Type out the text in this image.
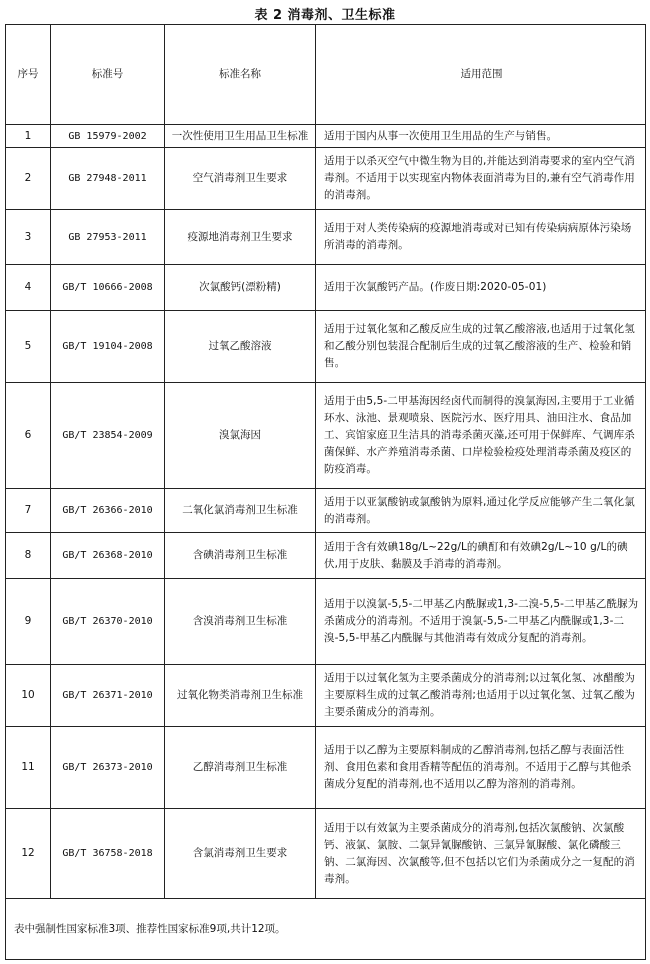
表 2 消毒剂、卫生标准
序号	标准号	标准名称	适用范围
1	GB 15979-2002	一次性使用卫生用品卫生标准	适用于国内从事一次使用卫生用品的生产与销售。
2	GB 27948-2011	空气消毒剂卫生要求	适用于以杀灭空气中微生物为目的,并能达到消毒要求的室内空气消毒剂。不适用于以实现室内物体表面消毒为目的,兼有空气消毒作用的消毒剂。
3	GB 27953-2011	疫源地消毒剂卫生要求	适用于对人类传染病的疫源地消毒或对已知有传染病病原体污染场所消毒的消毒剂。
4	GB/T 10666-2008	次氯酸钙(漂粉精)	适用于次氯酸钙产品。(作废日期:2020-05-01)
5	GB/T 19104-2008	过氧乙酸溶液	适用于过氧化氢和乙酸反应生成的过氧乙酸溶液,也适用于过氧化氢和乙酸分别包装混合配制后生成的过氧乙酸溶液的生产、检验和销售。
6	GB/T 23854-2009	溴氯海因	适用于由5,5-二甲基海因经卤代而制得的溴氯海因,主要用于工业循环水、泳池、景观喷泉、医院污水、医疗用具、油田注水、食品加工、宾馆家庭卫生洁具的消毒杀菌灭藻,还可用于保鲜库、气调库杀菌保鲜、水产养殖消毒杀菌、口岸检验检疫处理消毒杀菌及疫区的防疫消毒。
7	GB/T 26366-2010	二氧化氯消毒剂卫生标准	适用于以亚氯酸钠或氯酸钠为原料,通过化学反应能够产生二氧化氯的消毒剂。
8	GB/T 26368-2010	含碘消毒剂卫生标准	适用于含有效碘18g/L~22g/L的碘酊和有效碘2g/L~10 g/L的碘伏,用于皮肤、黏膜及手消毒的消毒剂。
9	GB/T 26370-2010	含溴消毒剂卫生标准	适用于以溴氯-5,5-二甲基乙内酰脲或1,3-二溴-5,5-二甲基乙酰脲为杀菌成分的消毒剂。不适用于溴氯-5,5-二甲基乙内酰脲或1,3-二溴-5,5-甲基乙内酰脲与其他消毒有效成分复配的消毒剂。
10	GB/T 26371-2010	过氧化物类消毒剂卫生标准	适用于以过氧化氢为主要杀菌成分的消毒剂;以过氧化氢、冰醋酸为主要原料生成的过氧乙酸消毒剂;也适用于以过氧化氢、过氧乙酸为主要杀菌成分的消毒剂。
11	GB/T 26373-2010	乙醇消毒剂卫生标准	适用于以乙醇为主要原料制成的乙醇消毒剂,包括乙醇与表面活性剂、食用色素和食用香精等配伍的消毒剂。不适用于乙醇与其他杀菌成分复配的消毒剂,也不适用以乙醇为溶剂的消毒剂。
12	GB/T 36758-2018	含氯消毒剂卫生要求	适用于以有效氯为主要杀菌成分的消毒剂,包括次氯酸钠、次氯酸钙、液氯、氯胺、二氯异氰脲酸钠、三氯异氰脲酸、氯化磷酸三钠、二氯海因、次氯酸等,但不包括以它们为杀菌成分之一复配的消毒剂。
表中强制性国家标准3项、推荐性国家标准9项,共计12项。			
